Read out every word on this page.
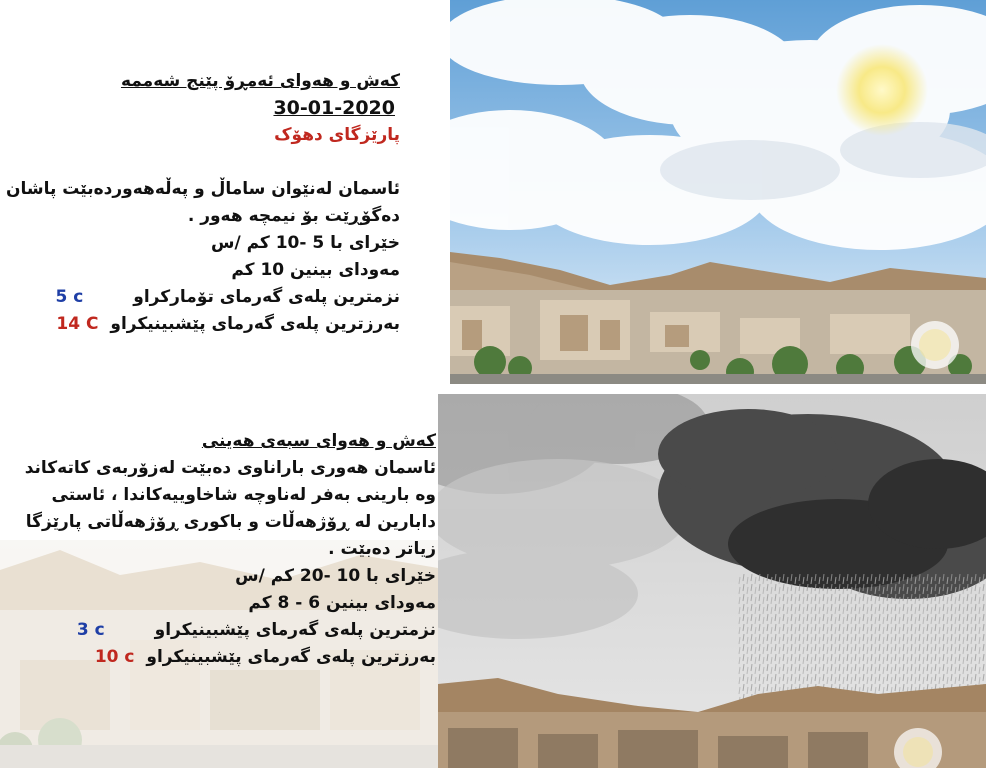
کەش و هەوای ئەمڕۆ پێنج شەممە
30-01-2020
پارێزگای دهۆک
ئاسمان لەنێوان ساماڵ و پەڵەهەوردەبێت پاشان
دەگۆڕێت بۆ نیمچە هەور .
خێرای با 5 -10 کم /س
مەودای بینین 10 کم
نزمترین پلەی گەرمای تۆمارکراو 5 c
بەرزترین پلەی گەرمای پێشبینیکراو 14 C
کەش و هەوای سبەی هەینی
ئاسمان هەوری باراناوی دەبێت لەزۆربەی کاتەکاند
وە بارینی بەفر لەناوچە شاخاوییەکاندا ، ئاستی
دابارین لە ڕۆژهەڵات و باکوری ڕۆژهەڵاتی پارێزگا
زیاتر دەبێت .
خێرای با 10 -20 کم /س
مەودای بینین 6 - 8 کم
نزمترین پلەی گەرمای پێشبینیکراو 3 c
بەرزترین پلەی گەرمای پێشبینیکراو 10 c
